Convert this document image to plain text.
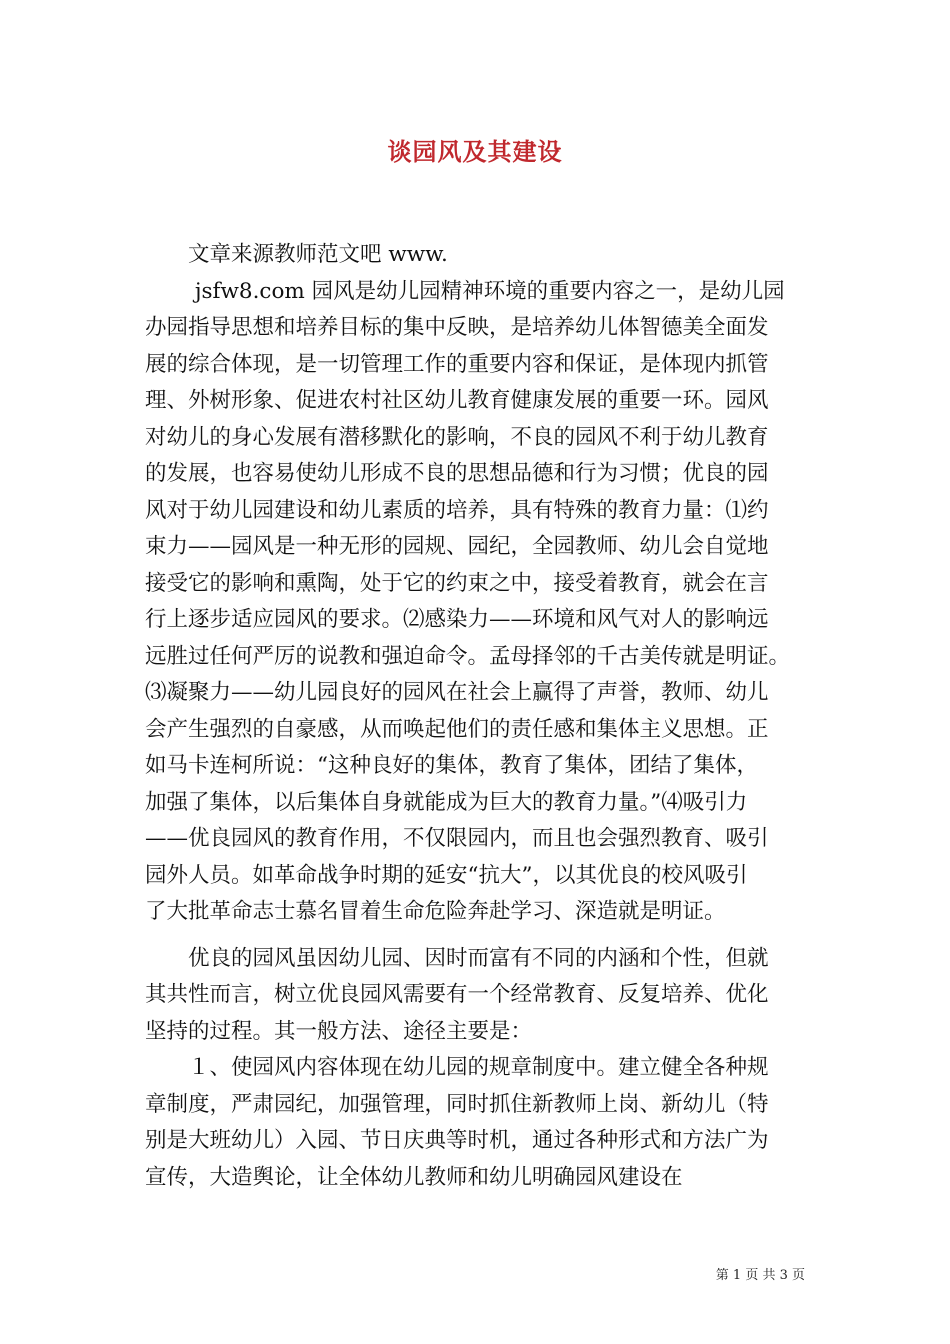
谈园风及其建设
　　文章来源教师范文吧 www.
　　 jsfw8.com 园风是幼儿园精神环境的重要内容之一，是幼儿园
办园指导思想和培养目标的集中反映，是培养幼儿体智德美全面发
展的综合体现，是一切管理工作的重要内容和保证，是体现内抓管
理、外树形象、促进农村社区幼儿教育健康发展的重要一环。园风
对幼儿的身心发展有潜移默化的影响，不良的园风不利于幼儿教育
的发展，也容易使幼儿形成不良的思想品德和行为习惯；优良的园
风对于幼儿园建设和幼儿素质的培养，具有特殊的教育力量：⑴约
束力——园风是一种无形的园规、园纪，全园教师、幼儿会自觉地
接受它的影响和熏陶，处于它的约束之中，接受着教育，就会在言
行上逐步适应园风的要求。⑵感染力——环境和风气对人的影响远
远胜过任何严厉的说教和强迫命令。孟母择邻的千古美传就是明证。
⑶凝聚力——幼儿园良好的园风在社会上赢得了声誉，教师、幼儿
会产生强烈的自豪感，从而唤起他们的责任感和集体主义思想。正
如马卡连柯所说：“这种良好的集体，教育了集体，团结了集体，
加强了集体，以后集体自身就能成为巨大的教育力量。”⑷吸引力
——优良园风的教育作用，不仅限园内，而且也会强烈教育、吸引
园外人员。如革命战争时期的延安“抗大”，以其优良的校风吸引
了大批革命志士慕名冒着生命危险奔赴学习、深造就是明证。
　　优良的园风虽因幼儿园、因时而富有不同的内涵和个性，但就
其共性而言，树立优良园风需要有一个经常教育、反复培养、优化
坚持的过程。其一般方法、途径主要是：
　　１、使园风内容体现在幼儿园的规章制度中。建立健全各种规
章制度，严肃园纪，加强管理，同时抓住新教师上岗、新幼儿（特
别是大班幼儿）入园、节日庆典等时机，通过各种形式和方法广为
宣传，大造舆论，让全体幼儿教师和幼儿明确园风建设在
第 1 页 共 3 页
